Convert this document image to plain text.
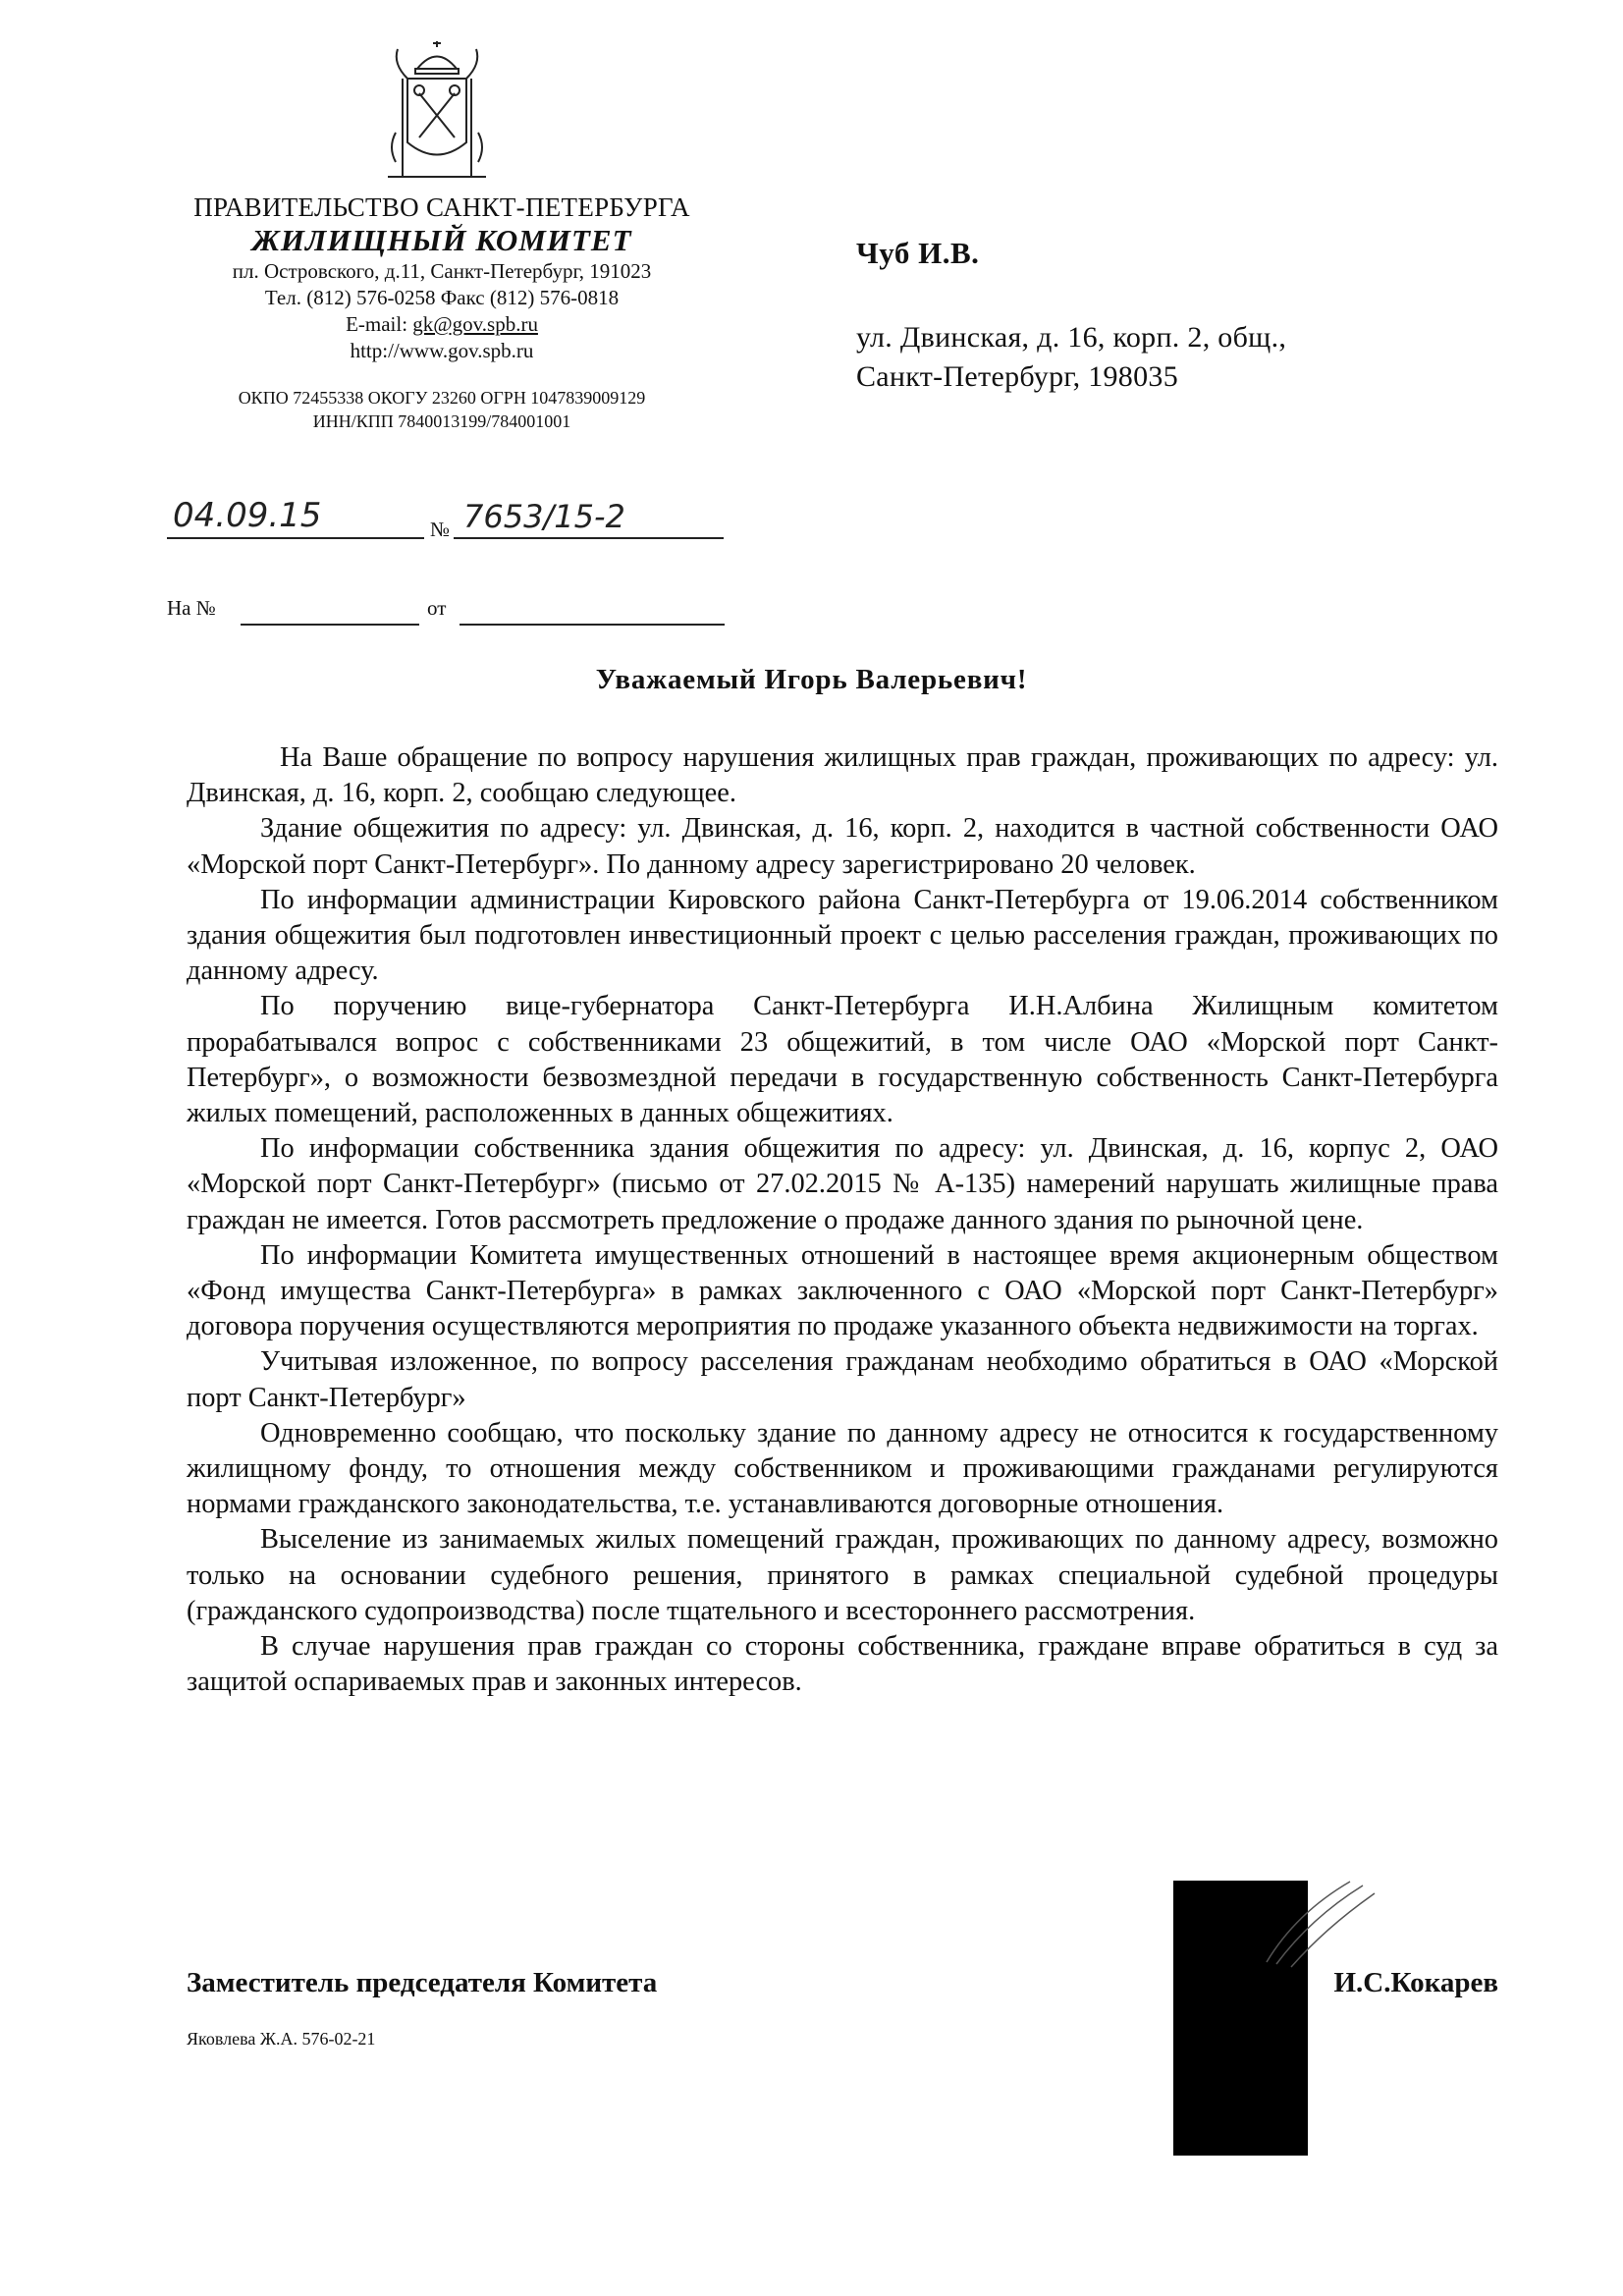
ПРАВИТЕЛЬСТВО САНКТ-ПЕТЕРБУРГА
ЖИЛИЩНЫЙ КОМИТЕТ
пл. Островского, д.11, Санкт-Петербург, 191023
Тел. (812) 576-0258 Факс (812) 576-0818
E-mail: gk@gov.spb.ru
http://www.gov.spb.ru
ОКПО 72455338 ОКОГУ 23260 ОГРН 1047839009129
ИНН/КПП 7840013199/784001001
04.09.15	№ 7653/15-2
На №	от
Чуб И.В.
ул. Двинская, д. 16, корп. 2, общ.,
Санкт-Петербург, 198035
Уважаемый Игорь Валерьевич!

На Ваше обращение по вопросу нарушения жилищных прав граждан, проживающих по адресу: ул. Двинская, д. 16, корп. 2, сообщаю следующее.

Здание общежития по адресу: ул. Двинская, д. 16, корп. 2, находится в частной собственности ОАО «Морской порт Санкт-Петербург». По данному адресу зарегистрировано 20 человек.

По информации администрации Кировского района Санкт-Петербурга от 19.06.2014 собственником здания общежития был подготовлен инвестиционный проект с целью расселения граждан, проживающих по данному адресу.

По поручению вице-губернатора Санкт-Петербурга И.Н.Албина Жилищным комитетом прорабатывался вопрос с собственниками 23 общежитий, в том числе ОАО «Морской порт Санкт-Петербург», о возможности безвозмездной передачи в государственную собственность Санкт-Петербурга жилых помещений, расположенных в данных общежитиях.

По информации собственника здания общежития по адресу: ул. Двинская, д. 16, корпус 2, ОАО «Морской порт Санкт-Петербург» (письмо от 27.02.2015 № А-135) намерений нарушать жилищные права граждан не имеется. Готов рассмотреть предложение о продаже данного здания по рыночной цене.

По информации Комитета имущественных отношений в настоящее время акционерным обществом «Фонд имущества Санкт-Петербурга» в рамках заключенного с ОАО «Морской порт Санкт-Петербург» договора поручения осуществляются мероприятия по продаже указанного объекта недвижимости на торгах.

Учитывая изложенное, по вопросу расселения гражданам необходимо обратиться в ОАО «Морской порт Санкт-Петербург»

Одновременно сообщаю, что поскольку здание по данному адресу не относится к государственному жилищному фонду, то отношения между собственником и проживающими гражданами регулируются нормами гражданского законодательства, т.е. устанавливаются договорные отношения.

Выселение из занимаемых жилых помещений граждан, проживающих по данному адресу, возможно только на основании судебного решения, принятого в рамках специальной судебной процедуры (гражданского судопроизводства) после тщательного и всестороннего рассмотрения.

В случае нарушения прав граждан со стороны собственника, граждане вправе обратиться в суд за защитой оспариваемых прав и законных интересов.

Заместитель председателя Комитета	И.С.Кокарев
Яковлева Ж.А. 576-02-21
